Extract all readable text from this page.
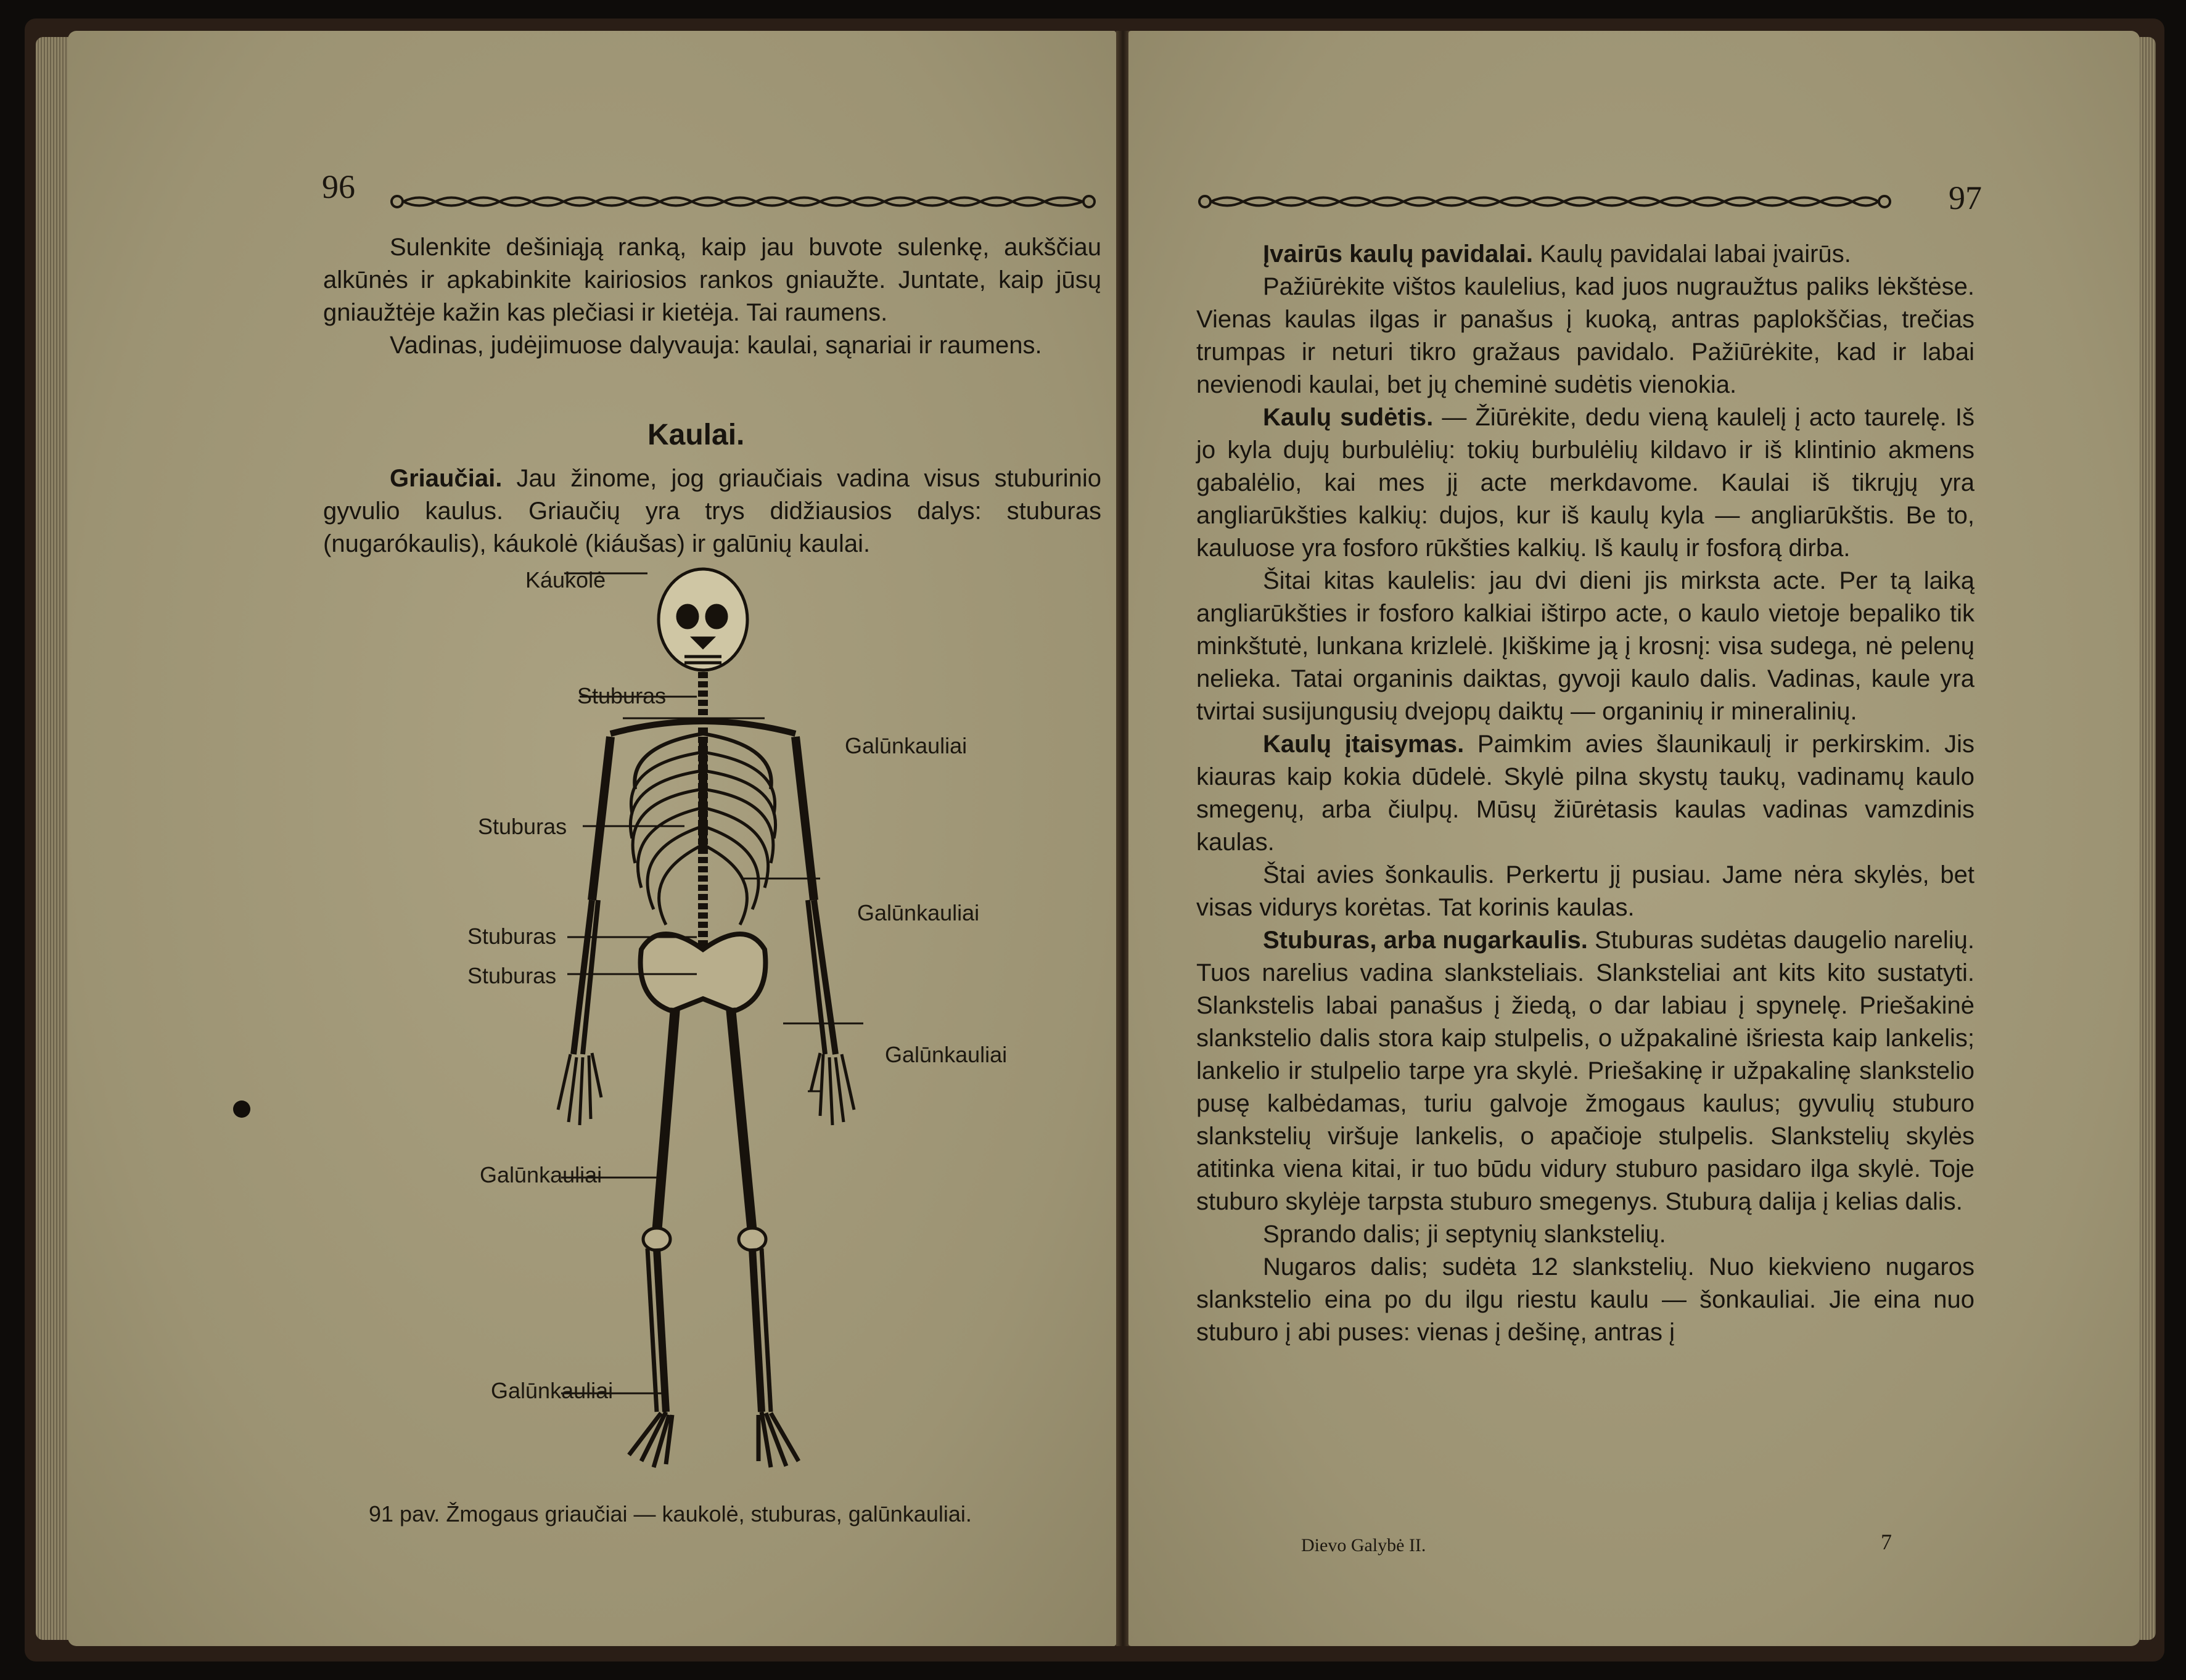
96

Sulenkite dešiniąją ranką, kaip jau buvote sulenkę, aukščiau alkūnės ir apkabinkite kairiosios rankos gniaužte. Juntate, kaip jūsų gniaužtėje kažin kas plečiasi ir kietėja. Tai raumens.

Vadinas, judėjimuose dalyvauja: kaulai, sąnariai ir raumens.

Kaulai.

Griaučiai. Jau žinome, jog griaučiais vadina visus stuburinio gyvulio kaulus. Griaučių yra trys didžiausios dalys: stuburas (nugarókaulis), káukolė (kiáušas) ir galūnių kaulai.

Káukolė
Stuburas
Galūnkauliai
Stuburas
Galūnkauliai
Stuburas
Stuburas
Galūnkauliai
Galūnkauliai
Galūnkauliai
91 pav. Žmogaus griaučiai — kaukolė, stuburas, galūnkauliai.
97

Įvairūs kaulų pavidalai. Kaulų pavidalai labai įvairūs.

Pažiūrėkite vištos kaulelius, kad juos nugraužtus paliks lėkštėse. Vienas kaulas ilgas ir panašus į kuoką, antras paplokščias, trečias trumpas ir neturi tikro gražaus pavidalo. Pažiūrėkite, kad ir labai nevienodi kaulai, bet jų cheminė sudėtis vienokia.

Kaulų sudėtis. — Žiūrėkite, dedu vieną kaulelį į acto taurelę. Iš jo kyla dujų burbulėlių: tokių burbulėlių kildavo ir iš klintinio akmens gabalėlio, kai mes jį acte merkdavome. Kaulai iš tikrųjų yra angliarūkšties kalkių: dujos, kur iš kaulų kyla — angliarūkštis. Be to, kauluose yra fosforo rūkšties kalkių. Iš kaulų ir fosforą dirba.

Šitai kitas kaulelis: jau dvi dieni jis mirksta acte. Per tą laiką angliarūkšties ir fosforo kalkiai ištirpo acte, o kaulo vietoje bepaliko tik minkštutė, lunkana krizlelė. Įkiškime ją į krosnį: visa sudega, nė pelenų nelieka. Tatai organinis daiktas, gyvoji kaulo dalis. Vadinas, kaule yra tvirtai susijungusių dvejopų daiktų — organinių ir mineralinių.

Kaulų įtaisymas. Paimkim avies šlaunikaulį ir perkirskim. Jis kiauras kaip kokia dūdelė. Skylė pilna skystų taukų, vadinamų kaulo smegenų, arba čiulpų. Mūsų žiūrėtasis kaulas vadinas vamzdinis kaulas.

Štai avies šonkaulis. Perkertu jį pusiau. Jame nėra skylės, bet visas vidurys korėtas. Tat korinis kaulas.

Stuburas, arba nugarkaulis. Stuburas sudėtas daugelio narelių. Tuos narelius vadina slanksteliais. Slanksteliai ant kits kito sustatyti. Slankstelis labai panašus į žiedą, o dar labiau į spynelę. Priešakinė slankstelio dalis stora kaip stulpelis, o užpakalinė išriesta kaip lankelis; lankelio ir stulpelio tarpe yra skylė. Priešakinę ir užpakalinę slankstelio pusę kalbėdamas, turiu galvoje žmogaus kaulus; gyvulių stuburo slankstelių viršuje lankelis, o apačioje stulpelis. Slankstelių skylės atitinka viena kitai, ir tuo būdu vidury stuburo pasidaro ilga skylė. Toje stuburo skylėje tarpsta stuburo smegenys. Stuburą dalija į kelias dalis.

Sprando dalis; ji septynių slankstelių.

Nugaros dalis; sudėta 12 slankstelių. Nuo kiekvieno nugaros slankstelio eina po du ilgu riestu kaulu — šonkauliai. Jie eina nuo stuburo į abi puses: vienas į dešinę, antras į

Dievo Galybė II.	7
